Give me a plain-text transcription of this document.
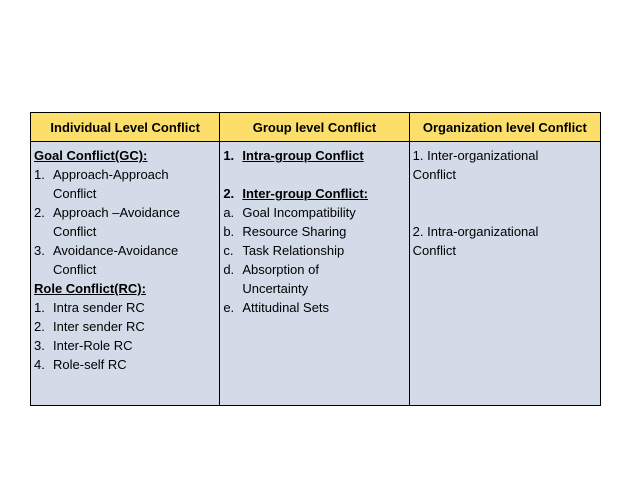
Individual Level Conflict	Group level Conflict	Organization level Conflict
Goal Conflict(GC):
1. Approach-Approach
Conflict
2. Approach –Avoidance
Conflict
3. Avoidance-Avoidance
Conflict
Role Conflict(RC):
1. Intra sender RC
2. Inter sender RC
3. Inter-Role RC
4. Role-self RC
1. Intra-group Conflict
2. Inter-group Conflict:
a. Goal Incompatibility
b. Resource Sharing
c. Task Relationship
d. Absorption of
Uncertainty
e. Attitudinal Sets
1. Inter-organizational
Conflict
2. Intra-organizational
Conflict
